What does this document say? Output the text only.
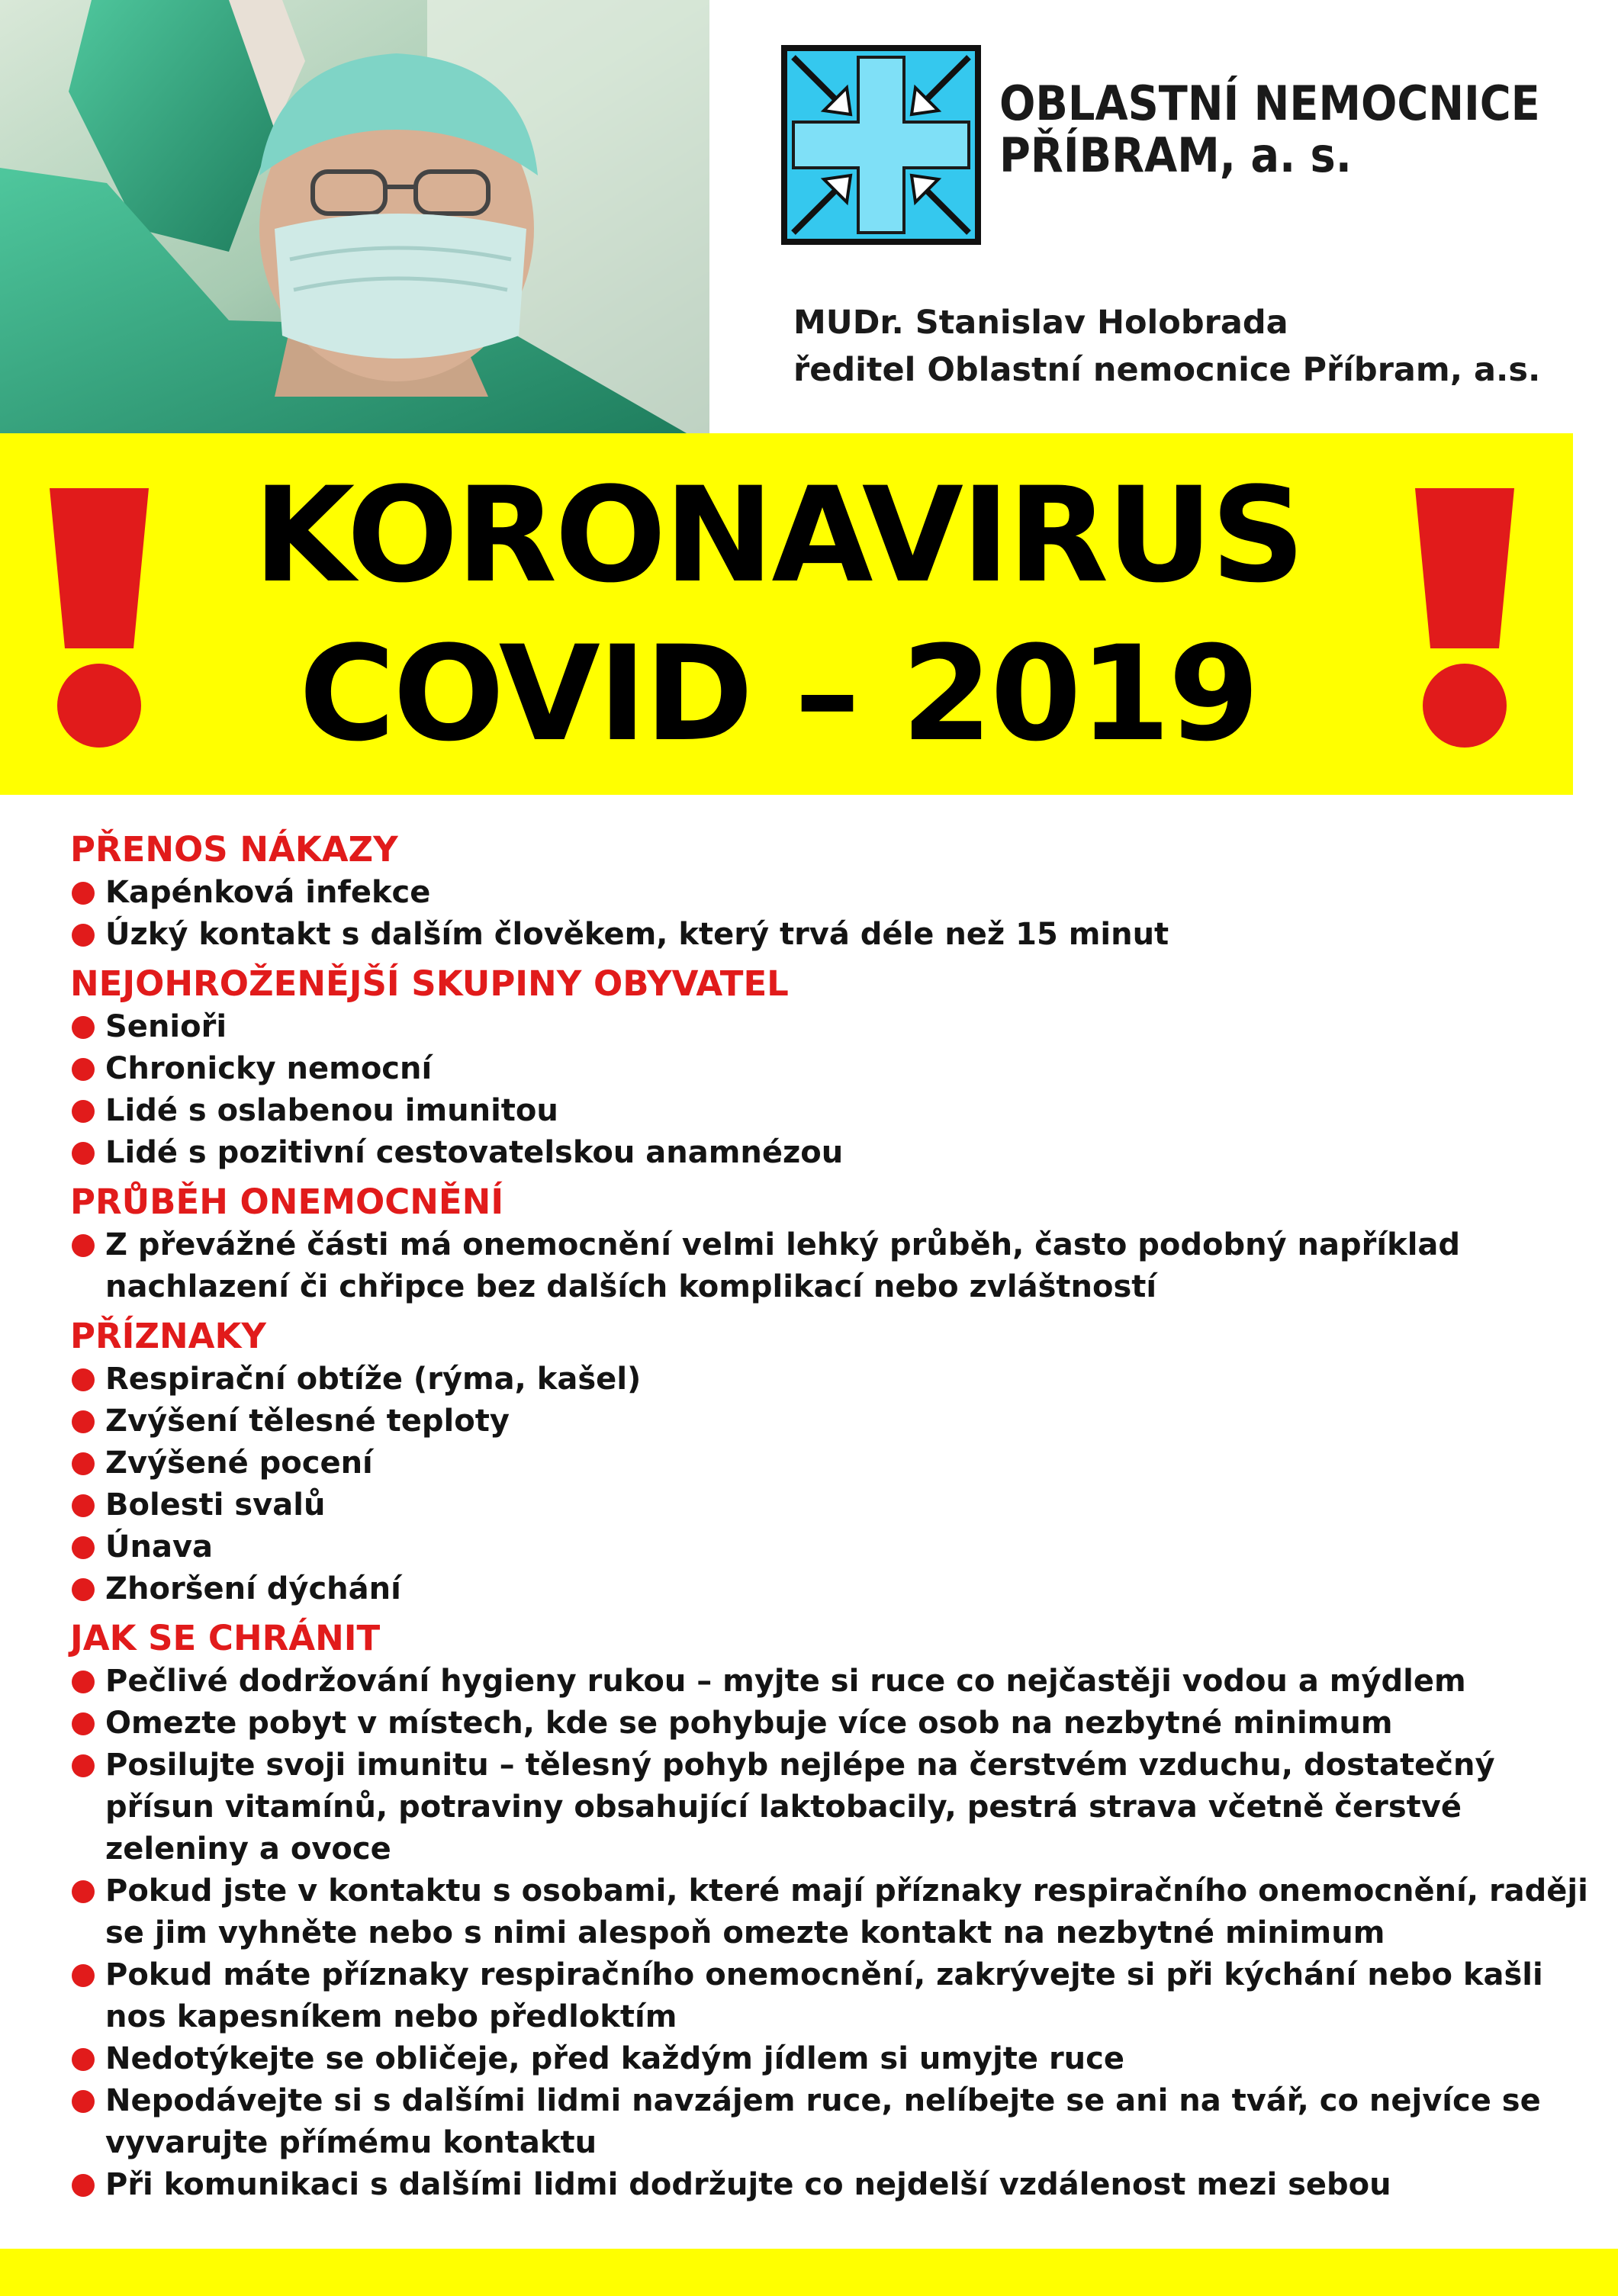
OBLASTNÍ NEMOCNICE
PŘÍBRAM, a. s.
MUDr. Stanislav Holobrada
ředitel Oblastní nemocnice Příbram, a.s.
KORONAVIRUS
COVID – 2019
PŘENOS NÁKAZY
Kapénková infekce
Úzký kontakt s dalším člověkem, který trvá déle než 15 minut
NEJOHROŽENĚJŠÍ SKUPINY OBYVATEL
Senioři
Chronicky nemocní
Lidé s oslabenou imunitou
Lidé s pozitivní cestovatelskou anamnézou
PRŮBĚH ONEMOCNĚNÍ
Z převážné části má onemocnění velmi lehký průběh, často podobný například nachlazení či chřipce bez dalších komplikací nebo zvláštností
PŘÍZNAKY
Respirační obtíže (rýma, kašel)
Zvýšení tělesné teploty
Zvýšené pocení
Bolesti svalů
Únava
Zhoršení dýchání
JAK SE CHRÁNIT
Pečlivé dodržování hygieny rukou – myjte si ruce co nejčastěji vodou a mýdlem
Omezte pobyt v místech, kde se pohybuje více osob na nezbytné minimum
Posilujte svoji imunitu – tělesný pohyb nejlépe na čerstvém vzduchu, dostatečný přísun vitamínů, potraviny obsahující laktobacily, pestrá strava včetně čerstvé zeleniny a ovoce
Pokud jste v kontaktu s osobami, které mají příznaky respiračního onemocnění, raději se jim vyhněte nebo s nimi alespoň omezte kontakt na nezbytné minimum
Pokud máte příznaky respiračního onemocnění, zakrývejte si při kýchání nebo kašli nos kapesníkem nebo předloktím
Nedotýkejte se obličeje, před každým jídlem si umyjte ruce
Nepodávejte si s dalšími lidmi navzájem ruce, nelíbejte se ani na tvář, co nejvíce se vyvarujte přímému kontaktu
Při komunikaci s dalšími lidmi dodržujte co nejdelší vzdálenost mezi sebou
